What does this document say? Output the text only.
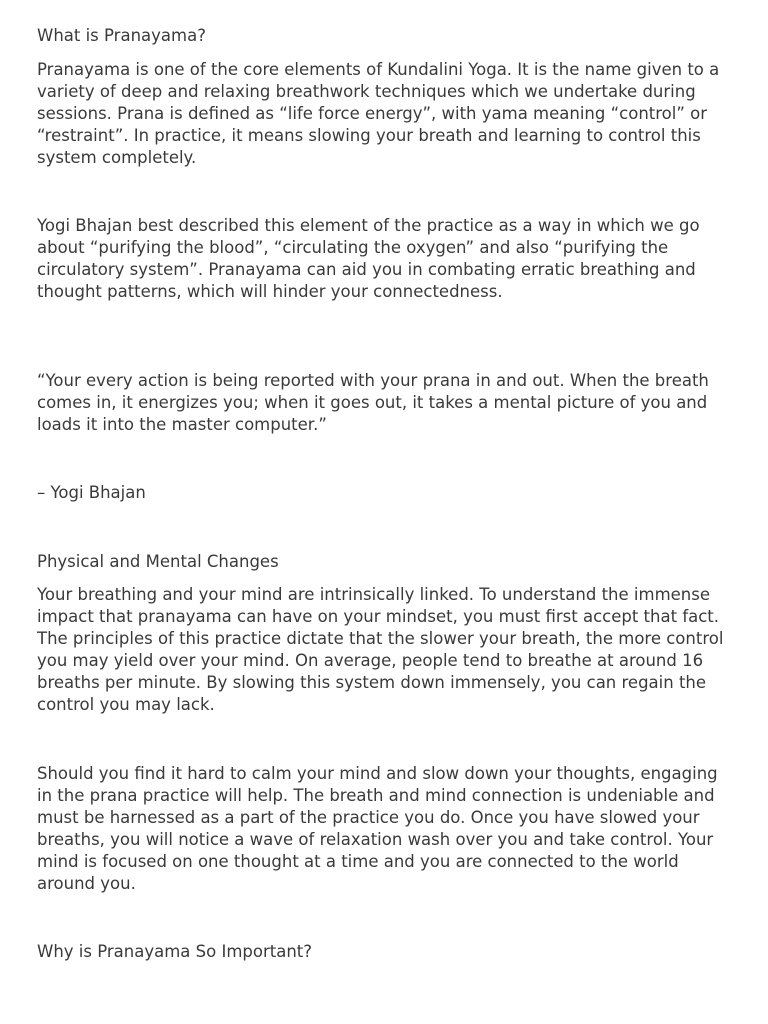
What is Pranayama?

Pranayama is one of the core elements of Kundalini Yoga. It is the name given to a variety of deep and relaxing breathwork techniques which we undertake during sessions. Prana is defined as “life force energy”, with yama meaning “control” or “restraint”. In practice, it means slowing your breath and learning to control this system completely.

Yogi Bhajan best described this element of the practice as a way in which we go about “purifying the blood”, “circulating the oxygen” and also “purifying the circulatory system”. Pranayama can aid you in combating erratic breathing and thought patterns, which will hinder your connectedness.

“Your every action is being reported with your prana in and out. When the breath comes in, it energizes you; when it goes out, it takes a mental picture of you and loads it into the master computer.”

– Yogi Bhajan

Physical and Mental Changes

Your breathing and your mind are intrinsically linked. To understand the immense impact that pranayama can have on your mindset, you must first accept that fact. The principles of this practice dictate that the slower your breath, the more control you may yield over your mind. On average, people tend to breathe at around 16 breaths per minute. By slowing this system down immensely, you can regain the control you may lack.

Should you find it hard to calm your mind and slow down your thoughts, engaging in the prana practice will help. The breath and mind connection is undeniable and must be harnessed as a part of the practice you do. Once you have slowed your breaths, you will notice a wave of relaxation wash over you and take control. Your mind is focused on one thought at a time and you are connected to the world around you.

Why is Pranayama So Important?
